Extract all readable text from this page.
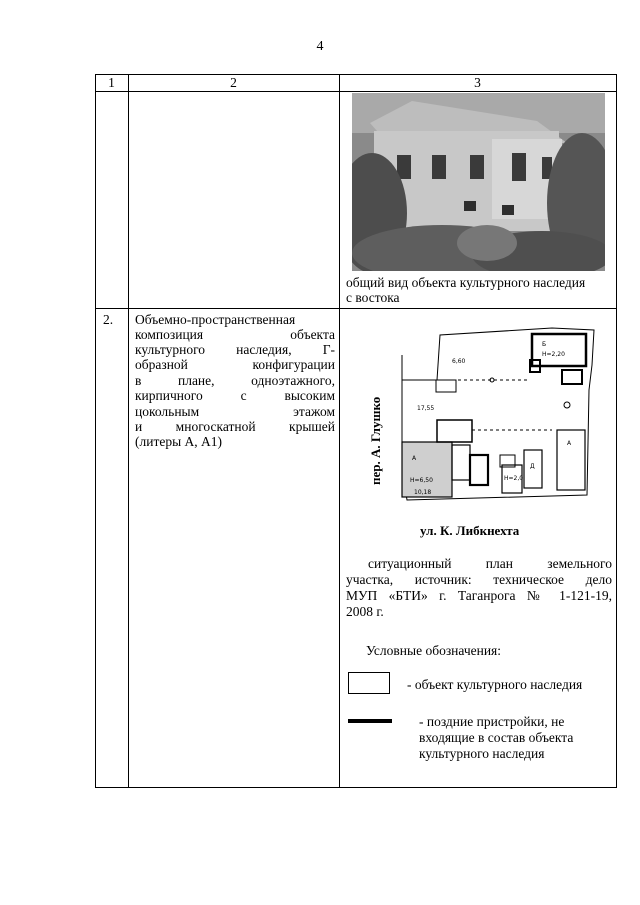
4
1	2	3
общий вид объекта культурного наследия
с востока
2. Объемно-пространственная
композиция объекта
культурного наследия, Г-
образной конфигурации
в плане, одноэтажного,
кирпичного с высоким
цокольным этажом
и многоскатной крышей
(литеры А, А1)
Б
Н=2,20
А
Н=6,50
А
10,18
6,60
Д
Н=2,0
17,55
пер. А. Глушко
ул. К. Либкнехта
ситуационный план земельного
участка, источник: техническое дело
МУП «БТИ» г. Таганрога № 1-121-19,
2008 г.
Условные обозначения:
- объект культурного наследия
- поздние пристройки, не
входящие в состав объекта
культурного наследия
